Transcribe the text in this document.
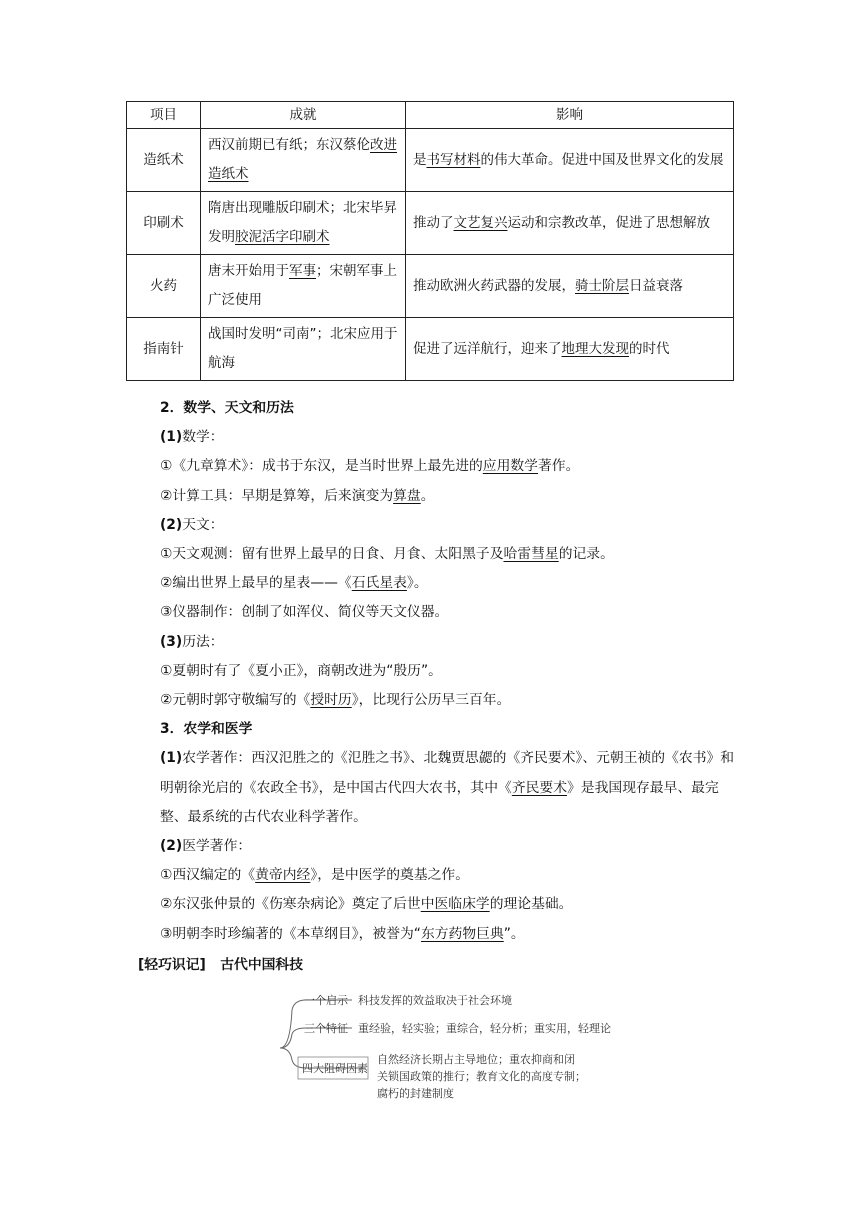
项目	成就	影响
造纸术	西汉前期已有纸；东汉蔡伦改进造纸术	是书写材料的伟大革命。促进中国及世界文化的发展
印刷术	隋唐出现雕版印刷术；北宋毕昇发明胶泥活字印刷术	推动了文艺复兴运动和宗教改革，促进了思想解放
火药	唐末开始用于军事；宋朝军事上广泛使用	推动欧洲火药武器的发展，骑士阶层日益衰落
指南针	战国时发明“司南”；北宋应用于航海	促进了远洋航行，迎来了地理大发现的时代

2．数学、天文和历法

(1)数学：

①《九章算术》：成书于东汉，是当时世界上最先进的应用数学著作。

②计算工具：早期是算筹，后来演变为算盘。

(2)天文：

①天文观测：留有世界上最早的日食、月食、太阳黑子及哈雷彗星的记录。

②编出世界上最早的星表——《石氏星表》。

③仪器制作：创制了如浑仪、简仪等天文仪器。

(3)历法：

①夏朝时有了《夏小正》，商朝改进为“殷历”。

②元朝时郭守敬编写的《授时历》，比现行公历早三百年。

3．农学和医学

(1)农学著作：西汉氾胜之的《氾胜之书》、北魏贾思勰的《齐民要术》、元朝王祯的《农书》和明朝徐光启的《农政全书》，是中国古代四大农书，其中《齐民要术》是我国现存最早、最完整、最系统的古代农业科学著作。

(2)医学著作：

①西汉编定的《黄帝内经》，是中医学的奠基之作。

②东汉张仲景的《伤寒杂病论》奠定了后世中医临床学的理论基础。

③明朝李时珍编著的《本草纲目》，被誉为“东方药物巨典”。

[轻巧识记] 古代中国科技

一个启示 科技发挥的效益取决于社会环境
三个特征 重经验，轻实验；重综合，轻分析；重实用，轻理论
四大阻碍因素
自然经济长期占主导地位；重农抑商和闭
关锁国政策的推行；教育文化的高度专制；
腐朽的封建制度
